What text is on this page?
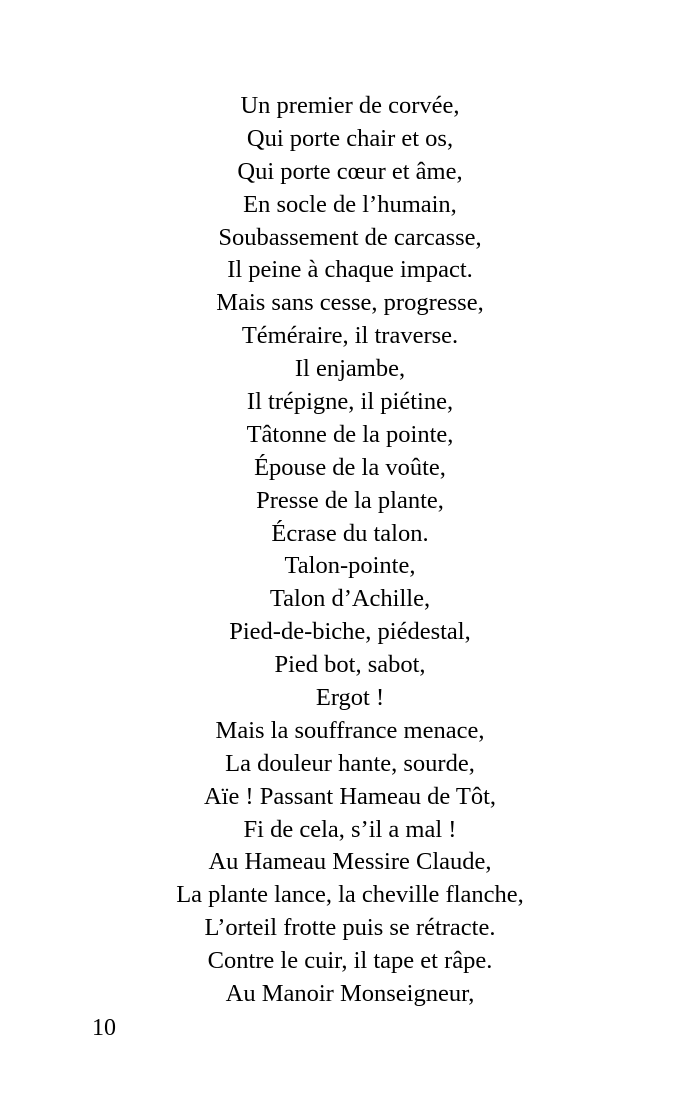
Un premier de corvée,
Qui porte chair et os,
Qui porte cœur et âme,
En socle de l’humain,
Soubassement de carcasse,
Il peine à chaque impact.
Mais sans cesse, progresse,
Téméraire, il traverse.
Il enjambe,
Il trépigne, il piétine,
Tâtonne de la pointe,
Épouse de la voûte,
Presse de la plante,
Écrase du talon.
Talon-pointe,
Talon d’Achille,
Pied-de-biche, piédestal,
Pied bot, sabot,
Ergot !
Mais la souffrance menace,
La douleur hante, sourde,
Aïe ! Passant Hameau de Tôt,
Fi de cela, s’il a mal !
Au Hameau Messire Claude,
La plante lance, la cheville flanche,
L’orteil frotte puis se rétracte.
Contre le cuir, il tape et râpe.
Au Manoir Monseigneur,
10
